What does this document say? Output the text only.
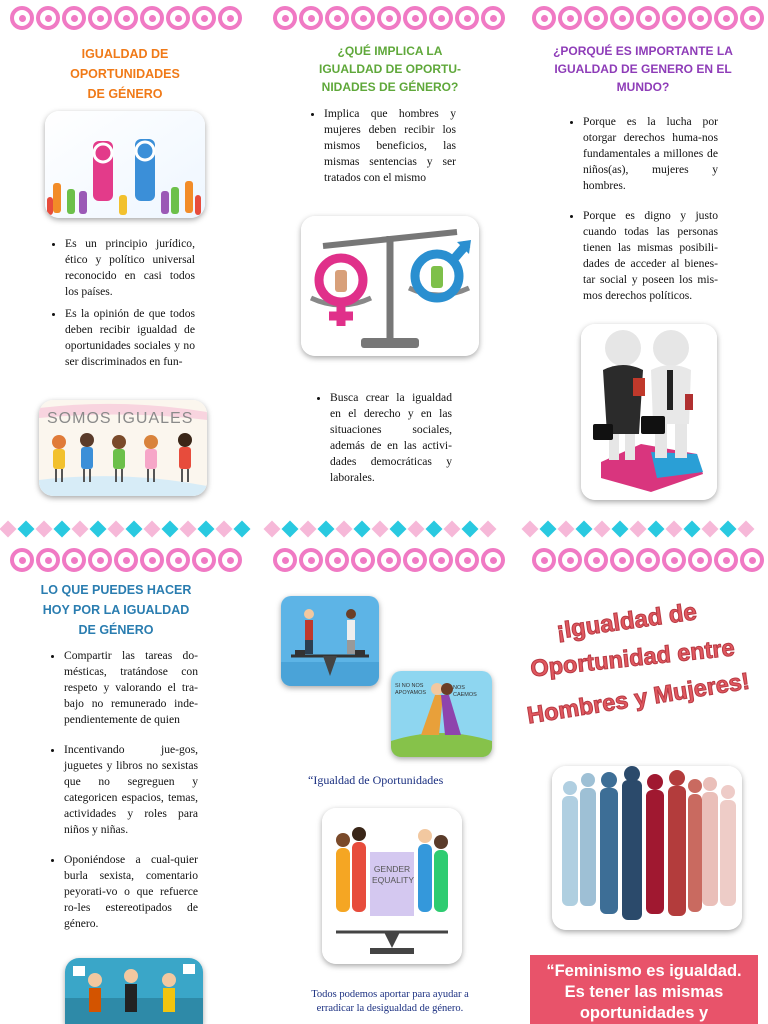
IGUALDAD DE OPORTUNIDADES DE GÉNERO
• Es un principio jurídico, ético y político universal reconocido en casi todos los países.
• Es la opinión de que todos deben recibir igualdad de oportunidades sociales y no ser discriminados en fun-
SOMOS IGUALES
¿QUÉ IMPLICA LA IGUALDAD DE OPORTU-NIDADES DE GÉNERO?
• Implica que hombres y mujeres deben recibir los mismos beneficios, las mismas sentencias y ser tratados con el mismo
• Busca crear la igualdad en el derecho y en las situaciones sociales, además de en las activi-dades democráticas y laborales.
¿PORQUÉ ES IMPORTANTE LA IGUALDAD DE GENERO EN EL MUNDO?
• Porque es la lucha por otorgar derechos huma-nos fundamentales a millones de niños(as), mujeres y hombres.
• Porque es digno y justo cuando todas las personas tienen las mismas posibili-dades de acceder al bienes-tar social y poseen los mis-mos derechos políticos.
LO QUE PUEDES HACER HOY POR LA IGUALDAD DE GÉNERO
• Compartir las tareas do-mésticas, tratándose con respeto y valorando el tra-bajo no remunerado inde-pendientemente de quien
• Incentivando jue-gos, juguetes y libros no sexistas que no segreguen y categoricen espacios, temas, actividades y roles para niños y niñas.
• Oponiéndose a cual-quier burla sexista, comentario peyorati-vo o que refuerce ro-les estereotipados de género.
SI NO NOS APOYAMOS
NOS CAEMOS
“Igualdad de Oportunidades
GENDER EQUALITY
Todos podemos aportar para ayudar a erradicar la desigualdad de género.
¡Igualdad de
Oportunidad entre
Hombres y Mujeres!
“Feminismo es igualdad.
Es tener las mismas
oportunidades y
